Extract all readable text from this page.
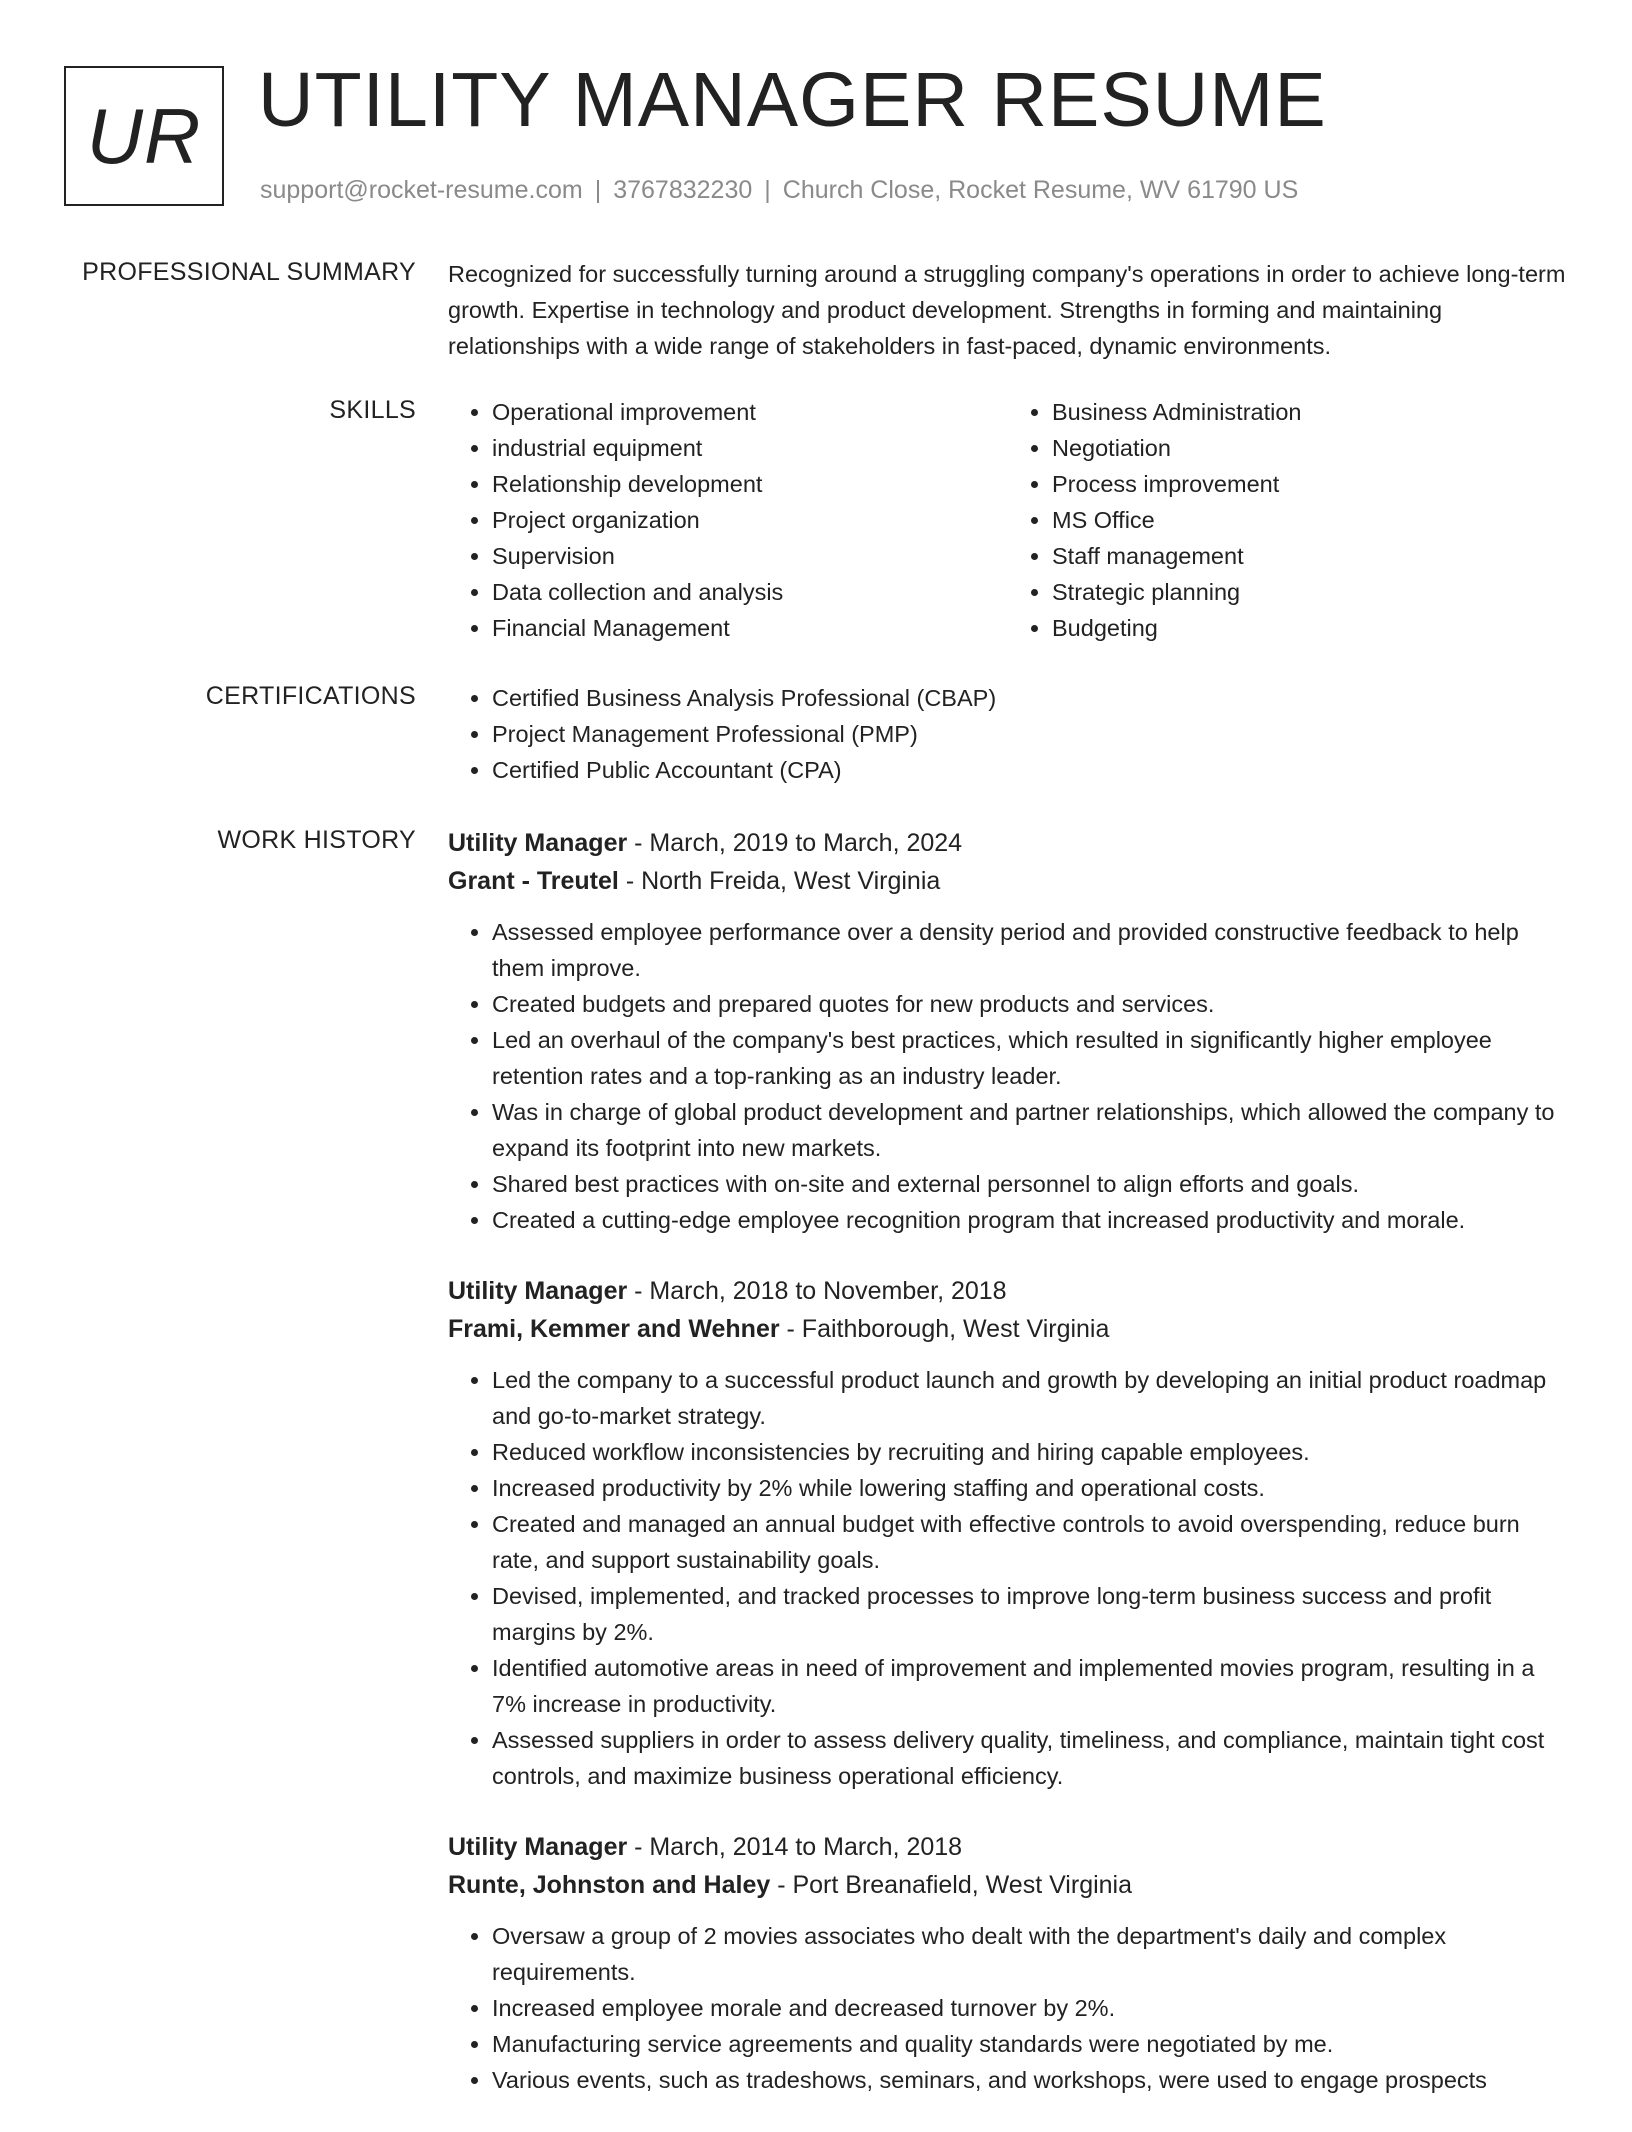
UR UTILITY MANAGER RESUME
support@rocket-resume.com | 3767832230 | Church Close, Rocket Resume, WV 61790 US
PROFESSIONAL SUMMARY Recognized for successfully turning around a struggling company's operations in order to achieve long-term growth. Expertise in technology and product development. Strengths in forming and maintaining relationships with a wide range of stakeholders in fast-paced, dynamic environments.
SKILLS	• Operational improvement
• industrial equipment
• Relationship development
• Project organization
• Supervision
• Data collection and analysis
• Financial Management
• Business Administration
• Negotiation
• Process improvement
• MS Office
• Staff management
• Strategic planning
• Budgeting
CERTIFICATIONS	• Certified Business Analysis Professional (CBAP)
• Project Management Professional (PMP)
• Certified Public Accountant (CPA)
WORK HISTORY Utility Manager - March, 2019 to March, 2024
Grant - Treutel - North Freida, West Virginia
• Assessed employee performance over a density period and provided constructive feedback to help them improve.
• Created budgets and prepared quotes for new products and services.
• Led an overhaul of the company's best practices, which resulted in significantly higher employee retention rates and a top-ranking as an industry leader.
• Was in charge of global product development and partner relationships, which allowed the company to expand its footprint into new markets.
• Shared best practices with on-site and external personnel to align efforts and goals.
• Created a cutting-edge employee recognition program that increased productivity and morale.
Utility Manager - March, 2018 to November, 2018
Frami, Kemmer and Wehner - Faithborough, West Virginia
• Led the company to a successful product launch and growth by developing an initial product roadmap and go-to-market strategy.
• Reduced workflow inconsistencies by recruiting and hiring capable employees.
• Increased productivity by 2% while lowering staffing and operational costs.
• Created and managed an annual budget with effective controls to avoid overspending, reduce burn rate, and support sustainability goals.
• Devised, implemented, and tracked processes to improve long-term business success and profit margins by 2%.
• Identified automotive areas in need of improvement and implemented movies program, resulting in a 7% increase in productivity.
• Assessed suppliers in order to assess delivery quality, timeliness, and compliance, maintain tight cost controls, and maximize business operational efficiency.
Utility Manager - March, 2014 to March, 2018
Runte, Johnston and Haley - Port Breanafield, West Virginia
• Oversaw a group of 2 movies associates who dealt with the department's daily and complex requirements.
• Increased employee morale and decreased turnover by 2%.
• Manufacturing service agreements and quality standards were negotiated by me.
• Various events, such as tradeshows, seminars, and workshops, were used to engage prospects
